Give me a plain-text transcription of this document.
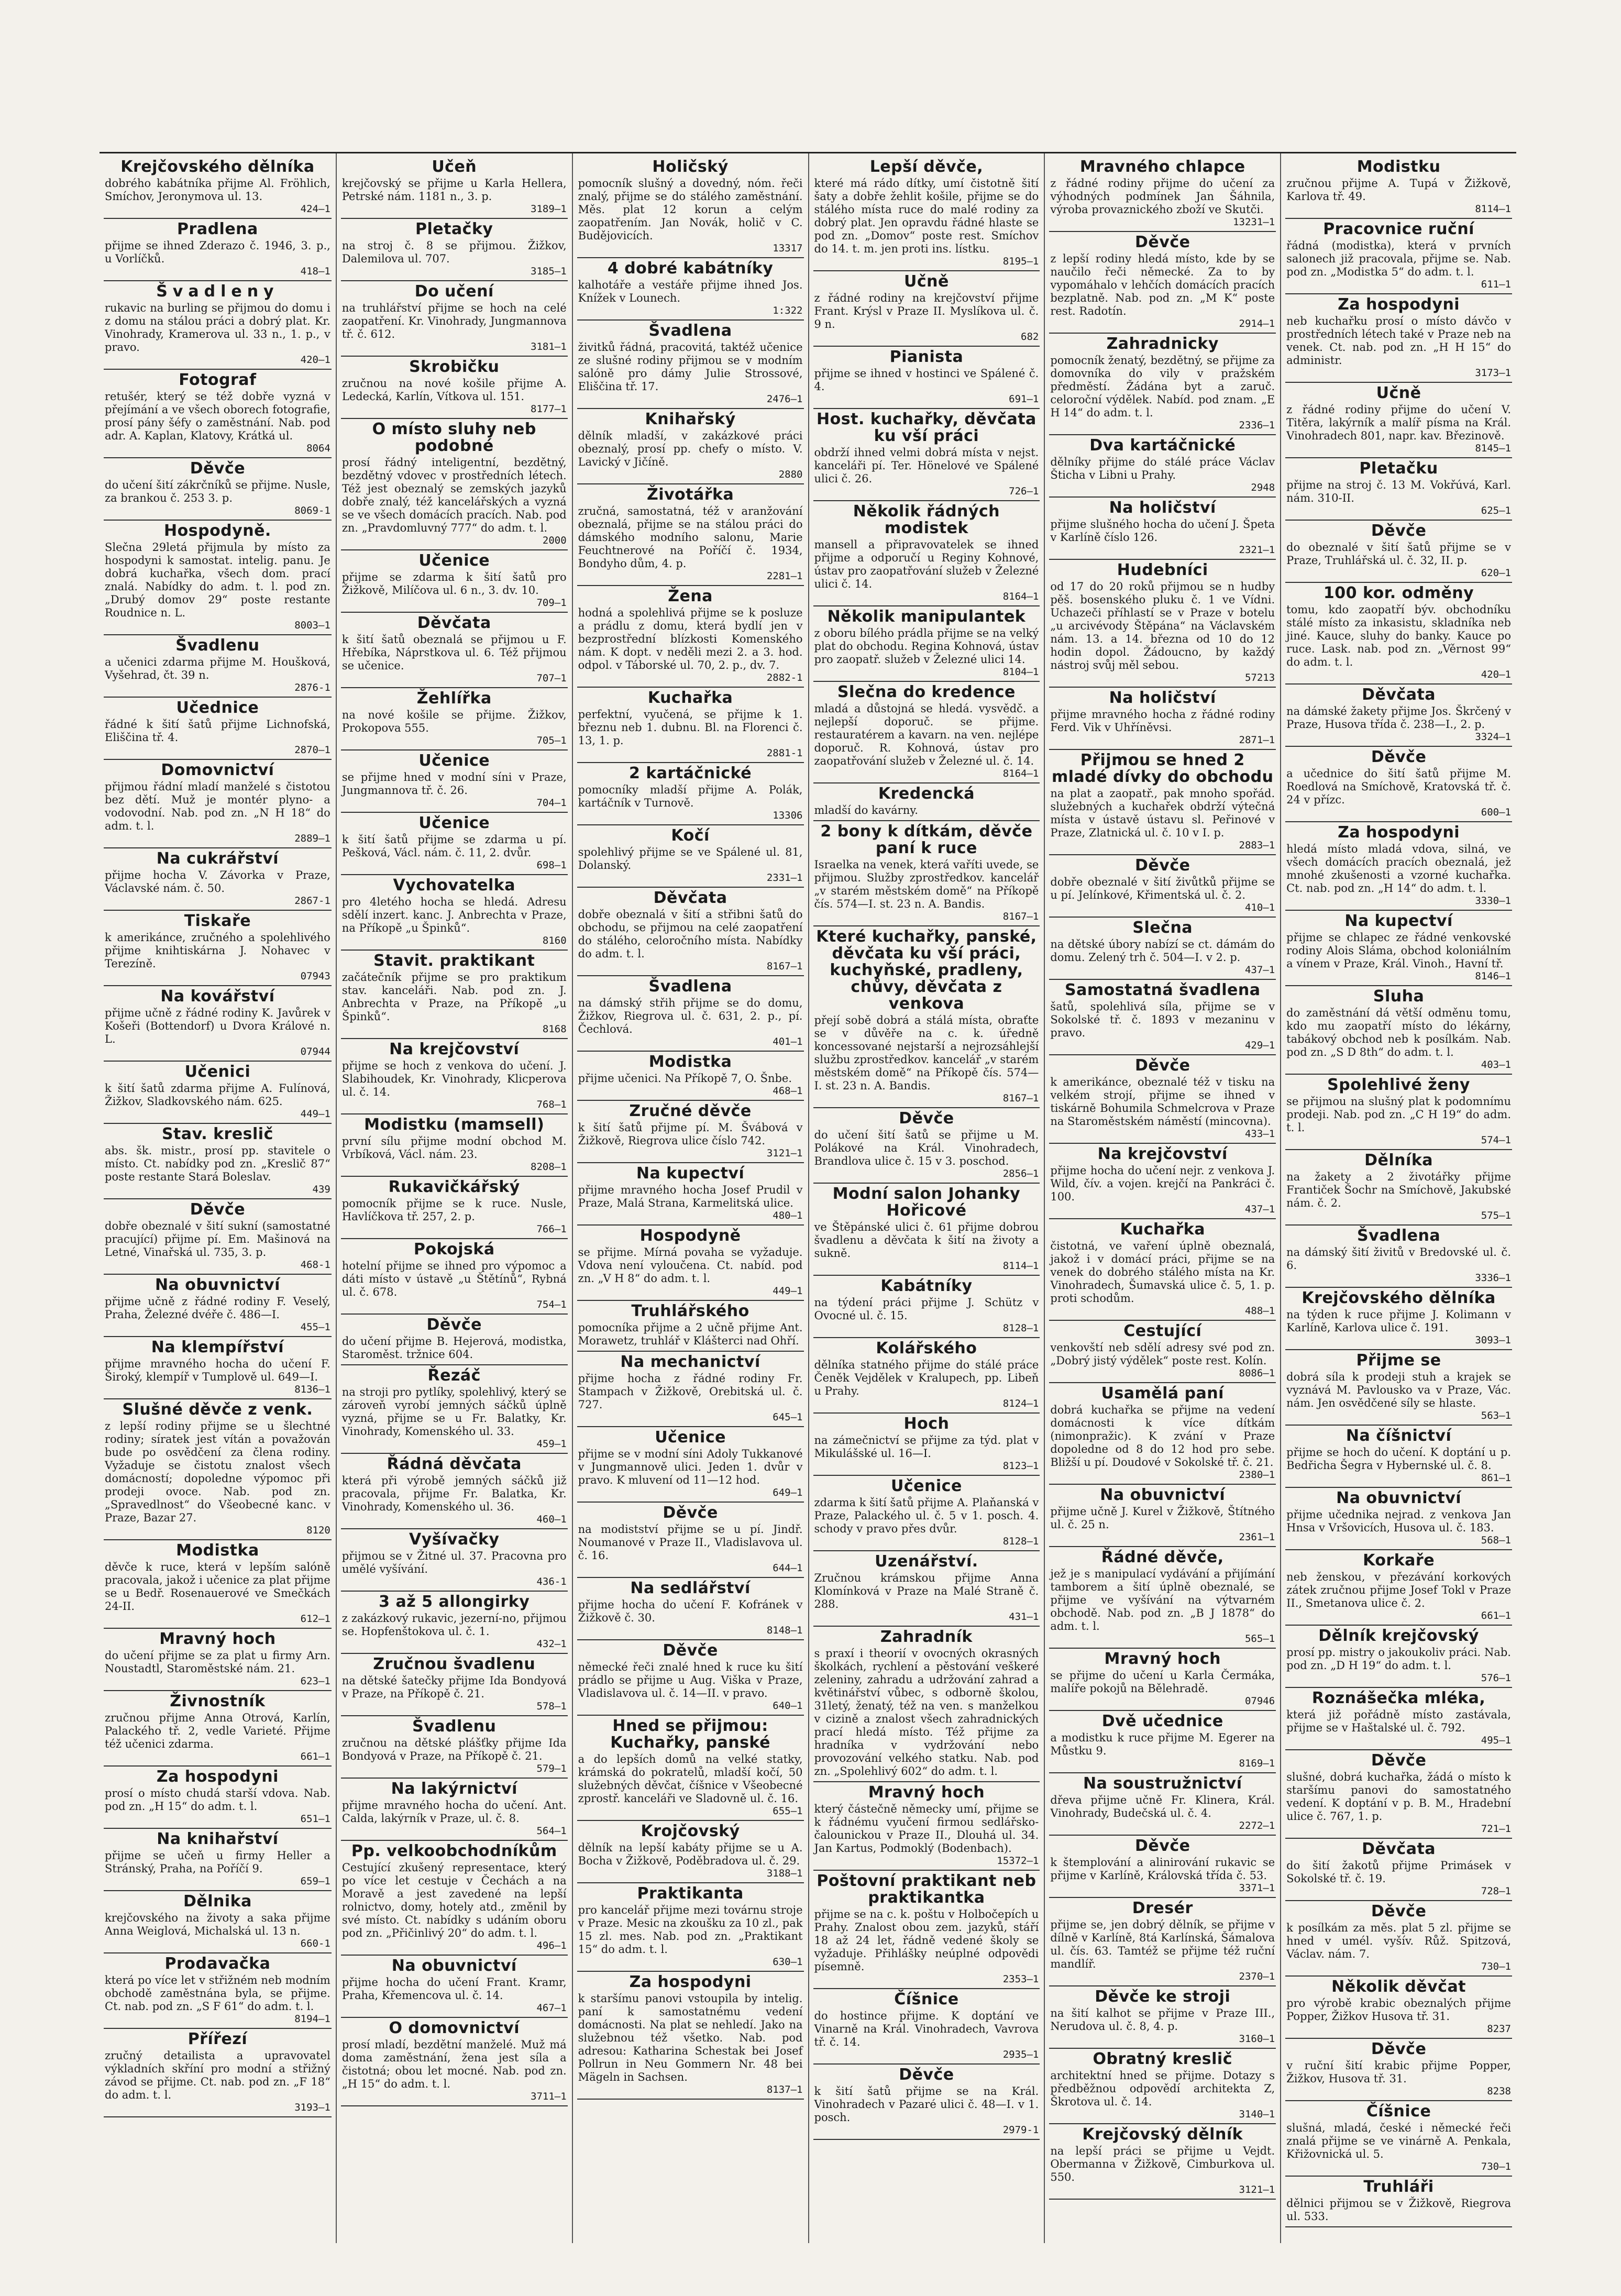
Krejčovského dělníka

dobrého kabátníka přijme Al. Fröhlich, Smíchov, Jeronymova ul. 13.

424—1
Pradlena

přijme se ihned Zderazo č. 1946, 3. p., u Vorlíčků.

418—1
Švadleny

rukavic na burling se přijmou do domu i z domu na stálou práci a dobrý plat. Kr. Vinohrady, Kramerova ul. 33 n., 1. p., v pravo.

420—1
Fotograf

retušér, který se též dobře vyzná v přejímání a ve všech oborech fotografie, prosí pány šéfy o zaměstnání. Nab. pod adr. A. Kaplan, Klatovy, Krátká ul.

8064
Děvče

do učení šití zákrčníků se přijme. Nusle, za brankou č. 253 3. p.

8069-1
Hospodyně.

Slečna 29letá přijmula by místo za hospodyni k samostat. intelig. panu. Je dobrá kuchařka, všech dom. prací znalá. Nabídky do adm. t. l. pod zn. „Drubý domov 29“ poste restante Roudnice n. L.

8003—1
Švadlenu

a učenici zdarma přijme M. Houšková, Vyšehrad, čt. 39 n.

2876-1
Učednice

řádné k šití šatů přijme Lichnofská, Eliščina tř. 4.

2870—1
Domovnictví

přijmou řádní mladí manželé s čistotou bez dětí. Muž je montér plyno- a vodovodní. Nab. pod zn. „N H 18“ do adm. t. l.

2889—1
Na cukrářství

přijme hocha V. Závorka v Praze, Václavské nám. č. 50.

2867-1
Tiskaře

k amerikánce, zručného a spolehlivého přijme knihtiskárna J. Nohavec v Terezíně.

07943
Na kovářství

přijme učně z řádné rodiny K. Javůrek v Košeři (Bottendorf) u Dvora Králové n. L.

07944
Učenici

k šití šatů zdarma přijme A. Fulínová, Žižkov, Sladkovského nám. 625.

449—1
Stav. kreslič

abs. šk. mistr., prosí pp. stavitele o místo. Ct. nabídky pod zn. „Kreslič 87“ poste restante Stará Boleslav.

439
Děvče

dobře obeznalé v šití sukní (samostatné pracující) přijme pí. Em. Mašinová na Letné, Vinařská ul. 735, 3. p.

468-1
Na obuvnictví

přijme učně z řádné rodiny F. Veselý, Praha, Železné dvéře č. 486—I.

455—1
Na klempířství

přijme mravného hocha do učení F. Široký, klempíř v Tumplově ul. 649—I.

8136—1
Slušné děvče z venk.

z lepší rodiny přijme se u šlechtné rodiny; síratek jest vítán a považován bude po osvědčení za člena rodiny. Vyžaduje se čistotu znalost všech domácností; dopoledne výpomoc při prodeji ovoce. Nab. pod zn. „Spravedlnost“ do Všeobecné kanc. v Praze, Bazar 27.

8120
Modistka

děvče k ruce, která v lepším salóně pracovala, jakož i učenice za plat přijme se u Bedř. Rosenauerové ve Smečkách 24-II.

612—1
Mravný hoch

do učení přijme se za plat u firmy Arn. Noustadtl, Staroměstské nám. 21.

623—1
Živnostník

zručnou přijme Anna Otrová, Karlín, Palackého tř. 2, vedle Varieté. Přijme též učenici zdarma.

661—1
Za hospodyni

prosí o místo chudá starší vdova. Nab. pod zn. „H 15“ do adm. t. l.

651—1
Na knihařství

přijme se učeň u firmy Heller a Stránský, Praha, na Poříčí 9.

659—1
Dělnika

krejčovského na životy a saka přijme Anna Weiglová, Michalská ul. 13 n.

660-1
Prodavačka

která po více let v střižném neb modním obchodě zaměstnána byla, se přijme. Ct. nab. pod zn. „S F 61“ do adm. t. l.

8194—1
Přířezí

zručný detailista a upravovatel výkladních skříní pro modní a střižný závod se přijme. Ct. nab. pod zn. „F 18“ do adm. t. l.

3193—1
Učeň

krejčovský se přijme u Karla Hellera, Petrské nám. 1181 n., 3. p.

3189—1
Pletačky

na stroj č. 8 se přijmou. Žižkov, Dalemilova ul. 707.

3185—1
Do učení

na truhlářství přijme se hoch na celé zaopatření. Kr. Vinohrady, Jungmannova tř. č. 612.

3181—1
Skrobičku

zručnou na nové košile přijme A. Ledecká, Karlín, Vítkova ul. 151.

8177—1
O místo sluhy neb podobné

prosí řádný inteligentní, bezdětný, bezdětný vdovec v prostředních létech. Též jest obeznalý se zemských jazyků dobře znalý, též kancelářských a vyzná se ve všech domácích pracích. Nab. pod zn. „Pravdomluvný 777“ do adm. t. l.

2000
Učenice

přijme se zdarma k šití šatů pro Žižkově, Milíčova ul. 6 n., 3. dv. 10.

709—1
Děvčata

k šití šatů obeznalá se přijmou u F. Hřebíka, Náprstkova ul. 6. Též přijmou se učenice.

707—1
Žehlířka

na nové košile se přijme. Žižkov, Prokopova 555.

705—1
Učenice

se přijme hned v modní síni v Praze, Jungmannova tř. č. 26.

704—1
Učenice

k šití šatů přijme se zdarma u pí. Pešková, Václ. nám. č. 11, 2. dvůr.

698—1
Vychovatelka

pro 4letého hocha se hledá. Adresu sdělí inzert. kanc. J. Anbrechta v Praze, na Příkopě „u Špinků“.

8160
Stavit. praktikant

začátečník přijme se pro praktikum stav. kanceláři. Nab. pod zn. J. Anbrechta v Praze, na Příkopě „u Špinků“.

8168
Na krejčovství

přijme se hoch z venkova do učení. J. Slabihoudek, Kr. Vinohrady, Klicperova ul. č. 14.

768—1
Modistku (mamsell)

první sílu přijme modní obchod M. Vrbíková, Václ. nám. 23.

8208—1
Rukavičkářský

pomocník přijme se k ruce. Nusle, Havlíčkova tř. 257, 2. p.

766—1
Pokojská

hotelní přijme se ihned pro výpomoc a dáti místo v ústavě „u Štětínů“, Rybná ul. č. 678.

754—1
Děvče

do učení přijme B. Hejerová, modistka, Staroměst. tržnice 604.

Řezáč

na stroji pro pytlíky, spolehlivý, který se zároveň vyrobí jemných sáčků úplně vyzná, přijme se u Fr. Balatky, Kr. Vinohrady, Komenského ul. 33.

459—1
Řádná děvčata

která při výrobě jemných sáčků již pracovala, přijme Fr. Balatka, Kr. Vinohrady, Komenského ul. 36.

460—1
Vyšívačky

přijmou se v Žitné ul. 37. Pracovna pro umělé vyšívání.

436-1
3 až 5 allongirky

z zakázkový rukavic, jezerní-no, přijmou se. Hopfenštokova ul. č. 1.

432—1
Zručnou švadlenu

na dětské šatečky přijme Ida Bondyová v Praze, na Příkopě č. 21.

578—1
Švadlenu

zručnou na dětské plášťky přijme Ida Bondyová v Praze, na Příkopě č. 21.

579—1
Na lakýrnictví

přijme mravného hocha do učení. Ant. Calda, lakýrník v Praze, ul. č. 8.

564—1
Pp. velkoobchodníkům

Cestující zkušený representace, který po více let cestuje v Čechách a na Moravě a jest zavedené na lepší rolnictvo, domy, hotely atd., změnil by své místo. Ct. nabídky s udáním oboru pod zn. „Přičinlivý 20“ do adm. t. l.

496—1
Na obuvnictví

přijme hocha do učení Frant. Kramr, Praha, Křemencova ul. č. 14.

467—1
O domovnictví

prosí mladí, bezdětní manželé. Muž má doma zaměstnání, žena jest síla a čistotná; obou let mocné. Nab. pod zn. „H 15“ do adm. t. l.

3711—1
Holičský

pomocník slušný a dovedný, nóm. řeči znalý, přijme se do stálého zaměstnání. Měs. plat 12 korun a celým zaopatřením. Jan Novák, holič v C. Budějovicích.

13317
4 dobré kabátníky

kalhotáře a vestáře přijme ihned Jos. Knížek v Lounech.

1:322
Švadlena

živitků řádná, pracovitá, taktéž učenice ze slušné rodiny přijmou se v modním salóně pro dámy Julie Strossové, Eliščina tř. 17.

2476—1
Knihařský

dělník mladší, v zakázkové práci obeznalý, prosí pp. chefy o místo. V. Lavický v Jičíně.

2880
Životářka

zručná, samostatná, též v aranžování obeznalá, přijme se na stálou práci do dámského modního salonu, Marie Feuchtnerové na Poříčí č. 1934, Bondyho dům, 4. p.

2281—1
Žena

hodná a spolehlivá přijme se k posluze a prádlu z domu, která bydlí jen v bezprostřední blízkosti Komenského nám. K dopt. v neděli mezi 2. a 3. hod. odpol. v Táborské ul. 70, 2. p., dv. 7.

2882-1
Kuchařka

perfektní, vyučená, se přijme k 1. březnu neb 1. dubnu. Bl. na Florenci č. 13, 1. p.

2881-1
2 kartáčnické

pomocníky mladší přijme A. Polák, kartáčník v Turnově.

13306
Kočí

spolehlivý přijme se ve Spálené ul. 81, Dolanský.

2331—1
Děvčata

dobře obeznalá v šití a střibni šatů do obchodu, se přijmou na celé zaopatření do stálého, celoročního místa. Nabídky do adm. t. l.

8167—1
Švadlena

na dámský střih přijme se do domu, Žižkov, Riegrova ul. č. 631, 2. p., pí. Čechlová.

401—1
Modistka

přijme učenici. Na Příkopě 7, O. Šnbe.

468—1
Zručné děvče

k šití šatů přijme pí. M. Švábová v Žižkově, Riegrova ulice číslo 742.

3121—1
Na kupectví

přijme mravného hocha Josef Prudil v Praze, Malá Strana, Karmelitská ulice.

480—1
Hospodyně

se přijme. Mírná povaha se vyžaduje. Vdova není vyloučena. Ct. nabíd. pod zn. „V H 8“ do adm. t. l.

449—1
Truhlářského

pomocníka přijme a 2 učně přijme Ant. Morawetz, truhlář v Klášterci nad Ohří.

Na mechanictví

přijme hocha z řádné rodiny Fr. Stampach v Žižkově, Orebitská ul. č. 727.

645—1
Učenice

přijme se v modní síni Adoly Tukkanové v Jungmannově ulici. Jeden 1. dvůr v pravo. K mluvení od 11—12 hod.

649—1
Děvče

na modistství přijme se u pí. Jindř. Noumanové v Praze II., Vladislavova ul. č. 16.

644—1
Na sedlářství

přijme hocha do učení F. Kofránek v Žižkově č. 30.

8148—1
Děvče

německé řeči znalé hned k ruce ku šití prádlo se přijme u Aug. Viška v Praze, Vladislavova ul. č. 14—II. v pravo.

640—1
Hned se přijmou: Kuchařky, panské

a do lepších domů na velké statky, krámská do pokratelů, mladší kočí, 50 služebných děvčat, číšnice v Všeobecné zprostř. kanceláři ve Sladovně ul. č. 16.

655—1
Krojčovský

dělník na lepší kabáty přijme se u A. Bocha v Žižkově, Poděbradova ul. č. 29.

3188—1
Praktikanta

pro kancelář přijme mezi továrnu stroje v Praze. Mesic na zkoušku za 10 zl., pak 15 zl. mes. Nab. pod zn. „Praktikant 15“ do adm. t. l.

630—1
Za hospodyni

k staršímu panovi vstoupila by intelig. paní k samostatnému vedení domácnosti. Na plat se nehledí. Jako na služebnou též všetko. Nab. pod adresou: Katharina Schestak bei Josef Pollrun in Neu Gommern Nr. 48 bei Mägeln in Sachsen.

8137—1
Lepší děvče,

které má rádo dítky, umí čistotně šití šaty a dobře žehlit košile, přijme se do stálého místa ruce do malé rodiny za dobrý plat. Jen opravdu řádné hlaste se pod zn. „Domov“ poste rest. Smíchov do 14. t. m. jen proti ins. lístku.

8195—1
Učně

z řádné rodiny na krejčovství přijme Frant. Krýsl v Praze II. Myslíkova ul. č. 9 n.

682
Pianista

přijme se ihned v hostinci ve Spálené č. 4.

691—1
Host. kuchařky, děvčata ku vší práci

obdrží ihned velmi dobrá místa v nejst. kanceláři pí. Ter. Hönelové ve Spálené ulici č. 26.

726—1
Několik řádných modistek

mansell a připravovatelek se ihned přijme a odporučí u Reginy Kohnové, ústav pro zaopatřování služeb v Železné ulici č. 14.

8164—1
Několik manipulantek

z oboru bílého prádla přijme se na velký plat do obchodu. Regina Kohnová, ústav pro zaopatř. služeb v Železné ulici 14.

8104—1
Slečna do kredence

mladá a důstojná se hledá. vysvědč. a nejlepší doporuč. se přijme. restauratérem a kavarn. na ven. nejlépe doporuč. R. Kohnová, ústav pro zaopatřování služeb v Železné ul. č. 14.

8164—1
Kredencká

mladší do kavárny.

2 bony k dítkám, děvče paní k ruce

Israelka na venek, která vaříti uvede, se přijmou. Služby zprostředkov. kancelář „v starém městském domě“ na Příkopě čís. 574—I. st. 23 n. A. Bandis.

8167—1
Které kuchařky, panské, děvčata ku vší práci, kuchyňské, pradleny, chůvy, děvčata z venkova

přejí sobě dobrá a stálá místa, obraťte se v důvěře na c. k. úředně koncessované nejstarší a nejrozsáhlejší službu zprostředkov. kancelář „v starém městském domě“ na Příkopě čís. 574—I. st. 23 n. A. Bandis.

8167—1
Děvče

do učení šití šatů se přijme u M. Polákové na Král. Vinohradech, Brandlova ulice č. 15 v 3. poschod.

2856—1
Modní salon Johanky Hořicové

ve Štěpánské ulici č. 61 přijme dobrou švadlenu a děvčata k šití na životy a sukně.

8114—1
Kabátníky

na týdení práci přijme J. Schütz v Ovocné ul. č. 15.

8128—1
Kolářského

dělníka statného přijme do stálé práce Čeněk Vejdělek v Kralupech, pp. Libeň u Prahy.

8124—1
Hoch

na zámečnictví se přijme za týd. plat v Mikulášské ul. 16—I.

8123—1
Učenice

zdarma k šití šatů přijme A. Plaňanská v Praze, Palackého ul. č. 5 v 1. posch. 4. schody v pravo přes dvůr.

8128—1
Uzenářství.

Zručnou krámskou přijme Anna Klomínková v Praze na Malé Straně č. 288.

431—1
Zahradník

s praxí i theorií v ovocných okrasných školkách, rychlení a pěstování veškeré zeleniny, zahradu a udržování zahrad a květinářství vůbec, s odborně školou, 31letý, ženatý, též na ven. s manželkou v cizině a znalost všech zahradnických prací hledá místo. Též přijme za hradníka v vydržování nebo provozování velkého statku. Nab. pod zn. „Spolehlivý 602“ do adm. t. l.

Mravný hoch

který částečně německy umí, přijme se k řádnému vyučení firmou sedlářsko-čalounickou v Praze II., Dlouhá ul. 34. Jan Kartus, Podmoklý (Bodenbach).

15372—1
Poštovní praktikant neb praktikantka

přijme se na c. k. poštu v Holbočepích u Prahy. Znalost obou zem. jazyků, stáří 18 až 24 let, řádně vedené školy se vyžaduje. Přihlášky neúplné odpovědi písemně.

2353—1
Číšnice

do hostince přijme. K doptání ve Vinarně na Král. Vinohradech, Vavrova tř. č. 14.

2935—1
Děvče

k šití šatů přijme se na Král. Vinohradech v Pazaré ulici č. 48—I. v 1. posch.

2979-1
Mravného chlapce

z řádné rodiny přijme do učení za výhodných podmínek Jan Šáhnila, výroba provaznického zboží ve Skutči.

13231—1
Děvče

z lepší rodiny hledá místo, kde by se naučilo řeči německé. Za to by vypomáhalo v lehčích domácích pracích bezplatně. Nab. pod zn. „M K“ poste rest. Radotín.

2914—1
Zahradnicky

pomocník ženatý, bezdětný, se přijme za domovníka do vily v pražském předměstí. Žádána byt a zaruč. celoroční výdělek. Nabíd. pod znam. „E H 14“ do adm. t. l.

2336—1
Dva kartáčnické

dělníky přijme do stálé práce Václav Šticha v Libni u Prahy.

2948
Na holičství

přijme slušného hocha do učení J. Špeta v Karlíně číslo 126.

2321—1
Hudebníci

od 17 do 20 roků přijmou se n hudby pěš. bosenského pluku č. 1 ve Vídni. Uchazeči příhlastí se v Praze v botelu „u arcivévody Štěpána“ na Václavském nám. 13. a 14. března od 10 do 12 hodin dopol. Žádoucno, by každý nástroj svůj měl sebou.

57213
Na holičství

přijme mravného hocha z řádné rodiny Ferd. Vik v Uhříněvsi.

2871—1
Přijmou se hned 2 mladé dívky do obchodu

na plat a zaopatř., pak mnoho spořád. služebných a kuchařek obdrží výtečná místa v ústavě ústavu sl. Peřinové v Praze, Zlatnická ul. č. 10 v I. p.

2883—1
Děvče

dobře obeznalé v šití živůtků přijme se u pí. Jelínkové, Křimentská ul. č. 2.

410—1
Slečna

na dětské úbory nabízí se ct. dámám do domu. Zelený trh č. 504—I. v 2. p.

437—1
Samostatná švadlena

šatů, spolehlivá síla, přijme se v Sokolské tř. č. 1893 v mezaninu v pravo.

429—1
Děvče

k amerikánce, obeznalé též v tisku na velkém strojí, přijme se ihned v tiskárně Bohumila Schmelcrova v Praze na Staroměstském náměstí (mincovna).

433—1
Na krejčovství

přijme hocha do učení nejr. z venkova J. Wild, čív. a vojen. krejčí na Pankráci č. 100.

437—1
Kuchařka

čistotná, ve vaření úplně obeznalá, jakož i v domácí práci, přijme se na venek do dobrého stálého místa na Kr. Vinohradech, Šumavská ulice č. 5, 1. p. proti schodům.

488—1
Cestující

venkovští neb sdělí adresy své pod zn. „Dobrý jistý výdělek“ poste rest. Kolín.

8086—1
Usamělá paní

dobrá kuchařka se přijme na vedení domácnosti k více dítkám (nimonpražic). K zvání v Praze dopoledne od 8 do 12 hod pro sebe. Bližší u pí. Doudové v Sokolské tř. č. 21.

2380—1
Na obuvnictví

přijme učně J. Kurel v Žižkově, Štítného ul. č. 25 n.

2361—1
Řádné děvče,

jež je s manipulací vydávání a přijímání tamborem a šití úplně obeznalé, se přijme ve vyšívání na výtvarném obchodě. Nab. pod zn. „B J 1878“ do adm. t. l.

565—1
Mravný hoch

se přijme do učení u Karla Čermáka, malíře pokojů na Bělehradě.

07946
Dvě učednice

a modistku k ruce přijme M. Egerer na Můstku 9.

8169—1
Na soustružnictví

dřeva přijme učně Fr. Klinera, Král. Vinohrady, Budečská ul. č. 4.

2272—1
Děvče

k štemplování a alinirování rukavic se přijme v Karlíně, Královská třída č. 53.

3371—1
Dresér

přijme se, jen dobrý dělník, se přijme v dílně v Karlíně, 8tá Karlínská, Šámalova ul. čís. 63. Tamtéž se přijme též ruční mandlíř.

2370—1
Děvče ke stroji

na šití kalhot se přijme v Praze III., Nerudova ul. č. 8, 4. p.

3160—1
Obratný kreslič

architektní hned se přijme. Dotazy s předběžnou odpovědí architekta Z, Škrotova ul. č. 14.

3140—1
Krejčovský dělník

na lepší práci se přijme u Vejdt. Obermanna v Žižkově, Cimburkova ul. 550.

3121—1
Modistku

zručnou přijme A. Tupá v Žižkově, Karlova tř. 49.

8114—1
Pracovnice ruční

řádná (modistka), která v prvních salonech již pracovala, přijme se. Nab. pod zn. „Modistka 5“ do adm. t. l.

611—1
Za hospodyni

neb kuchařku prosí o místo dávčo v prostředních létech také v Praze neb na venek. Ct. nab. pod zn. „H H 15“ do administr.

3173—1
Učně

z řádné rodiny přijme do učení V. Titěra, lakýrník a malíř písma na Král. Vinohradech 801, napr. kav. Březinově.

8145—1
Pletačku

přijme na stroj č. 13 M. Vokřúvá, Karl. nám. 310-II.

625—1
Děvče

do obeznalé v šití šatů přijme se v Praze, Truhlářská ul. č. 32, II. p.

620—1
100 kor. odměny

tomu, kdo zaopatří býv. obchodníku stálé místo za inkasistu, skladníka neb jiné. Kauce, sluhy do banky. Kauce po ruce. Lask. nab. pod zn. „Věrnost 99“ do adm. t. l.

420—1
Děvčata

na dámské žakety přijme Jos. Škrčený v Praze, Husova třída č. 238—I., 2. p.

3324—1
Děvče

a učednice do šití šatů přijme M. Roedlová na Smíchově, Kratovská tř. č. 24 v přízc.

600—1
Za hospodyni

hledá místo mladá vdova, silná, ve všech domácích pracích obeznalá, jež mnohé zkušenosti a vzorné kuchařka. Ct. nab. pod zn. „H 14“ do adm. t. l.

3330—1
Na kupectví

přijme se chlapec ze řádné venkovské rodiny Alois Sláma, obchod koloniálním a vínem v Praze, Král. Vinoh., Havní tř.

8146—1
Sluha

do zaměstnání dá větší odměnu tomu, kdo mu zaopatří místo do lékárny, tabákový obchod neb k posílkám. Nab. pod zn. „S D 8th“ do adm. t. l.

403—1
Spolehlivé ženy

se přijmou na slušný plat k podomnímu prodeji. Nab. pod zn. „C H 19“ do adm. t. l.

574—1
Dělníka

na žakety a 2 životářky přijme Frantiček Šochr na Smíchově, Jakubské nám. č. 2.

575—1
Švadlena

na dámský šití živitů v Bredovské ul. č. 6.

3336—1
Krejčovského dělníka

na týden k ruce přijme J. Kolimann v Karlíně, Karlova ulice č. 191.

3093—1
Přijme se

dobrá síla k prodeji stuh a krajek se vyznává M. Pavlousko va v Praze, Vác. nám. Jen osvědčené síly se hlaste.

563—1
Na číšnictví

přijme se hoch do učení. K doptání u p. Bedřicha Šegra v Hybernské ul. č. 8.

861—1
Na obuvnictví

přijme učednika nejrad. z venkova Jan Hnsa v Vršovicích, Husova ul. č. 183.

568—1
Korkaře

neb ženskou, v přezávání korkových zátek zručnou přijme Josef Tokl v Praze II., Smetanova ulice č. 2.

661—1
Dělník krejčovský

prosí pp. mistry o jakoukoliv práci. Nab. pod zn. „D H 19“ do adm. t. l.

576—1
Roznášečka mléka,

která již pořádně místo zastávala, přijme se v Haštalské ul. č. 792.

495—1
Děvče

slušné, dobrá kuchařka, žádá o místo k staršímu panovi do samostatného vedení. K doptání v p. B. M., Hradební ulice č. 767, 1. p.

721—1
Děvčata

do šití žakotů přijme Primásek v Sokolské tř. č. 19.

728—1
Děvče

k posílkám za měs. plat 5 zl. přijme se hned v umél. vyšív. Růž. Spitzová, Václav. nám. 7.

730—1
Několik děvčat

pro výrobě krabic obeznalých přijme Popper, Žižkov Husova tř. 31.

8237
Děvče

v ruční šití krabic přijme Popper, Žižkov, Husova tř. 31.

8238
Číšnice

slušná, mladá, české i německé řeči znalá přijme se ve vinárně A. Penkala, Křižovnická ul. 5.

730—1
Truhláři

dělnici přijmou se v Žižkově, Riegrova ul. 533.
